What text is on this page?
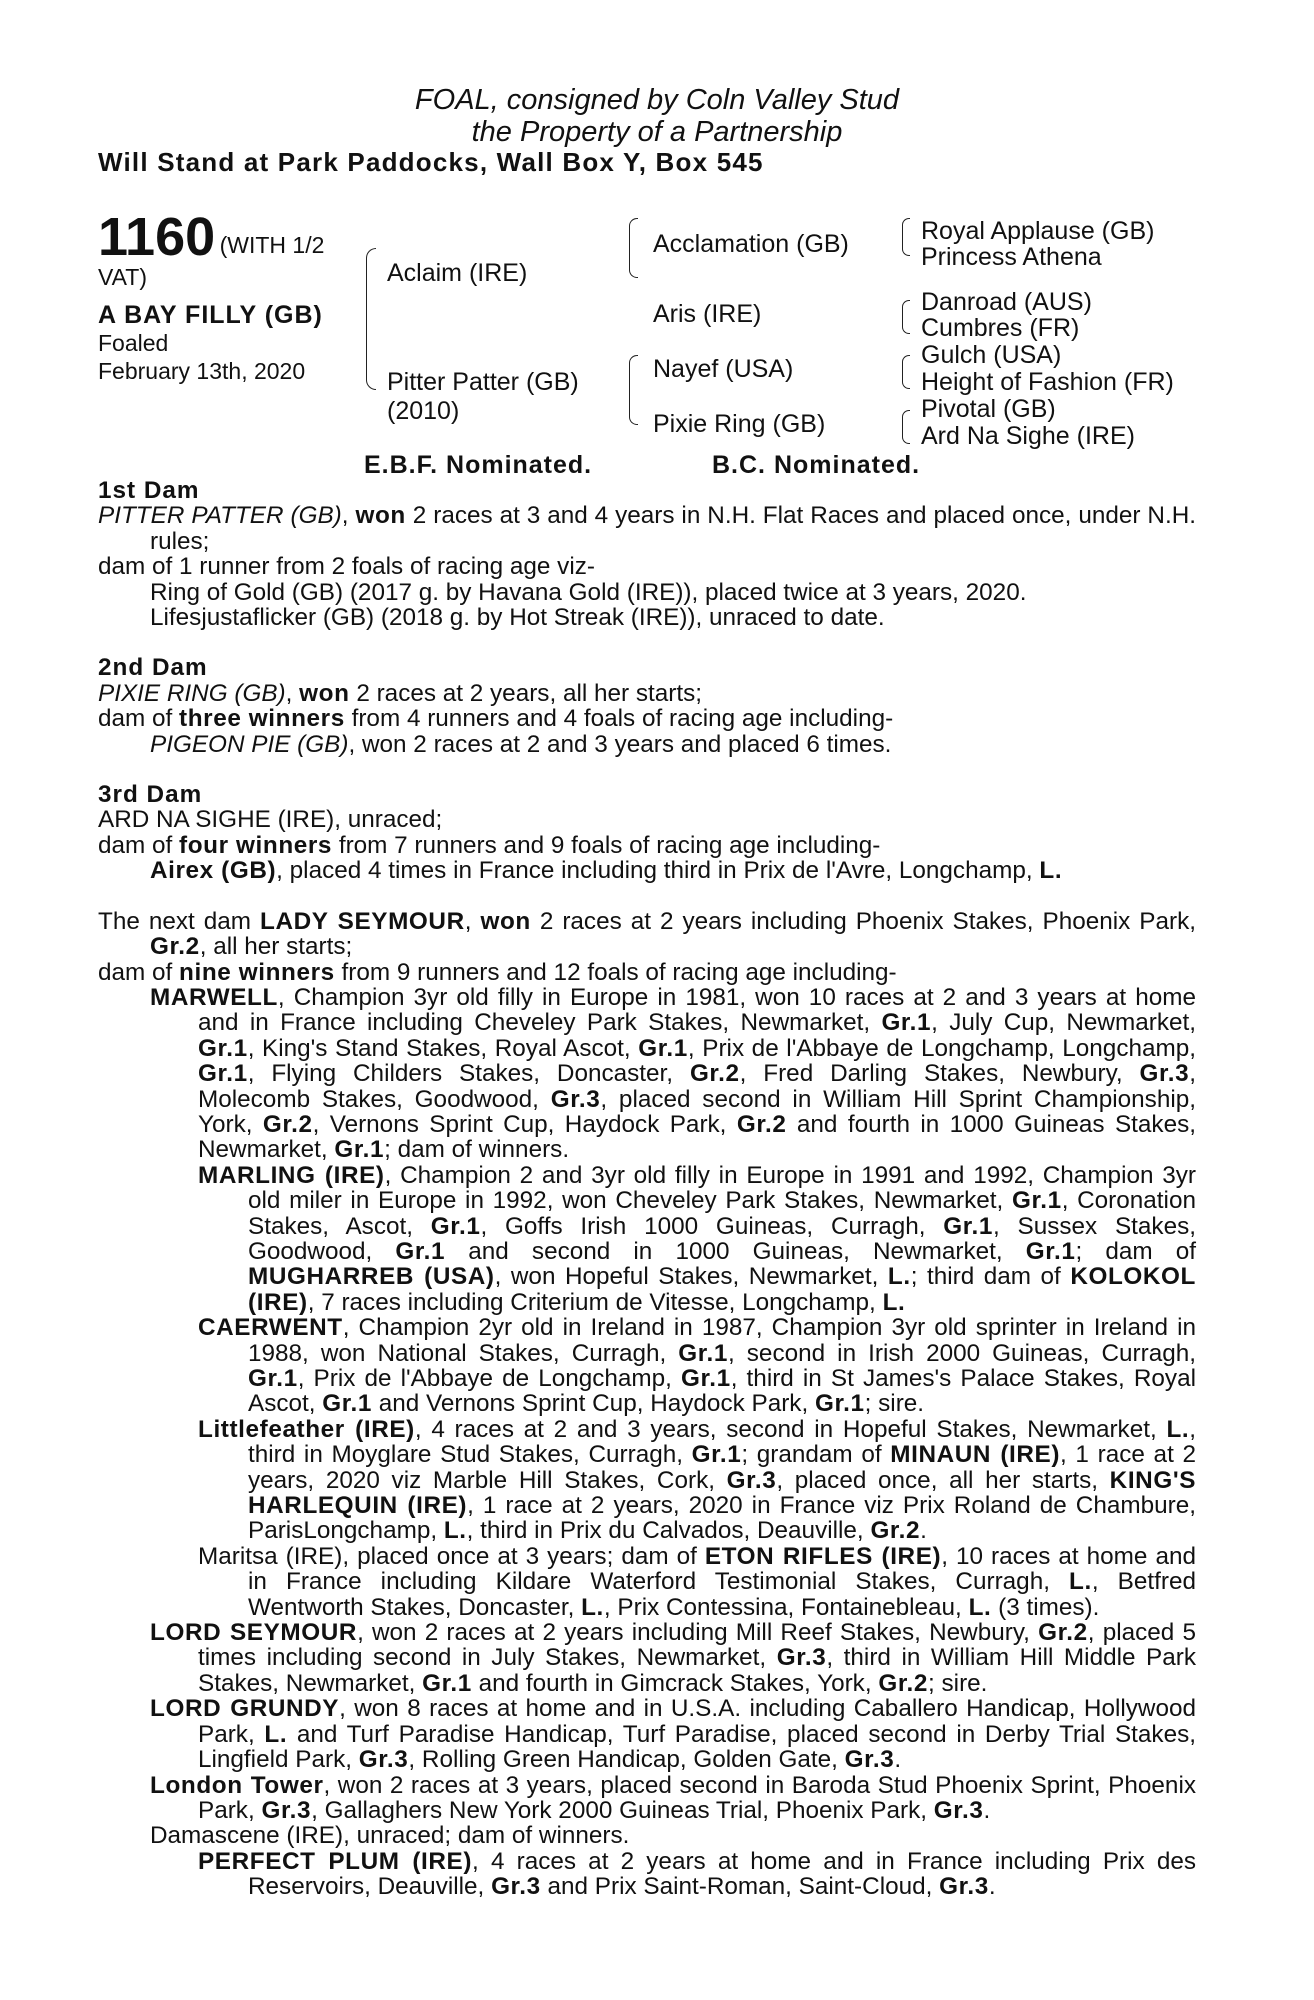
FOAL, consigned by Coln Valley Stud
the Property of a Partnership
Will Stand at Park Paddocks, Wall Box Y, Box 545
1160 (WITH 1/2
VAT)
A BAY FILLY (GB)
Foaled
February 13th, 2020
Aclaim (IRE)
Pitter Patter (GB)
(2010)
Acclamation (GB)
Aris (IRE)
Nayef (USA)
Pixie Ring (GB)
Royal Applause (GB)
Princess Athena
Danroad (AUS)
Cumbres (FR)
Gulch (USA)
Height of Fashion (FR)
Pivotal (GB)
Ard Na Sighe (IRE)
E.B.F. Nominated.	B.C. Nominated.

1st Dam

PITTER PATTER (GB), won 2 races at 3 and 4 years in N.H. Flat Races and placed once, under N.H. rules;

dam of 1 runner from 2 foals of racing age viz-

Ring of Gold (GB) (2017 g. by Havana Gold (IRE)), placed twice at 3 years, 2020.

Lifesjustaflicker (GB) (2018 g. by Hot Streak (IRE)), unraced to date.

2nd Dam

PIXIE RING (GB), won 2 races at 2 years, all her starts;

dam of three winners from 4 runners and 4 foals of racing age including-

PIGEON PIE (GB), won 2 races at 2 and 3 years and placed 6 times.

3rd Dam

ARD NA SIGHE (IRE), unraced;

dam of four winners from 7 runners and 9 foals of racing age including-

Airex (GB), placed 4 times in France including third in Prix de l'Avre, Longchamp, L.

The next dam LADY SEYMOUR, won 2 races at 2 years including Phoenix Stakes, Phoenix Park, Gr.2, all her starts;

dam of nine winners from 9 runners and 12 foals of racing age including-

MARWELL, Champion 3yr old filly in Europe in 1981, won 10 races at 2 and 3 years at home and in France including Cheveley Park Stakes, Newmarket, Gr.1, July Cup, Newmarket, Gr.1, King's Stand Stakes, Royal Ascot, Gr.1, Prix de l'Abbaye de Longchamp, Longchamp, Gr.1, Flying Childers Stakes, Doncaster, Gr.2, Fred Darling Stakes, Newbury, Gr.3, Molecomb Stakes, Goodwood, Gr.3, placed second in William Hill Sprint Championship, York, Gr.2, Vernons Sprint Cup, Haydock Park, Gr.2 and fourth in 1000 Guineas Stakes, Newmarket, Gr.1; dam of winners.

MARLING (IRE), Champion 2 and 3yr old filly in Europe in 1991 and 1992, Champion 3yr old miler in Europe in 1992, won Cheveley Park Stakes, Newmarket, Gr.1, Coronation Stakes, Ascot, Gr.1, Goffs Irish 1000 Guineas, Curragh, Gr.1, Sussex Stakes, Goodwood, Gr.1 and second in 1000 Guineas, Newmarket, Gr.1; dam of MUGHARREB (USA), won Hopeful Stakes, Newmarket, L.; third dam of KOLOKOL (IRE), 7 races including Criterium de Vitesse, Longchamp, L.

CAERWENT, Champion 2yr old in Ireland in 1987, Champion 3yr old sprinter in Ireland in 1988, won National Stakes, Curragh, Gr.1, second in Irish 2000 Guineas, Curragh, Gr.1, Prix de l'Abbaye de Longchamp, Gr.1, third in St James's Palace Stakes, Royal Ascot, Gr.1 and Vernons Sprint Cup, Haydock Park, Gr.1; sire.

Littlefeather (IRE), 4 races at 2 and 3 years, second in Hopeful Stakes, Newmarket, L., third in Moyglare Stud Stakes, Curragh, Gr.1; grandam of MINAUN (IRE), 1 race at 2 years, 2020 viz Marble Hill Stakes, Cork, Gr.3, placed once, all her starts, KING'S HARLEQUIN (IRE), 1 race at 2 years, 2020 in France viz Prix Roland de Chambure, ParisLongchamp, L., third in Prix du Calvados, Deauville, Gr.2.

Maritsa (IRE), placed once at 3 years; dam of ETON RIFLES (IRE), 10 races at home and in France including Kildare Waterford Testimonial Stakes, Curragh, L., Betfred Wentworth Stakes, Doncaster, L., Prix Contessina, Fontainebleau, L. (3 times).

LORD SEYMOUR, won 2 races at 2 years including Mill Reef Stakes, Newbury, Gr.2, placed 5 times including second in July Stakes, Newmarket, Gr.3, third in William Hill Middle Park Stakes, Newmarket, Gr.1 and fourth in Gimcrack Stakes, York, Gr.2; sire.

LORD GRUNDY, won 8 races at home and in U.S.A. including Caballero Handicap, Hollywood Park, L. and Turf Paradise Handicap, Turf Paradise, placed second in Derby Trial Stakes, Lingfield Park, Gr.3, Rolling Green Handicap, Golden Gate, Gr.3.

London Tower, won 2 races at 3 years, placed second in Baroda Stud Phoenix Sprint, Phoenix Park, Gr.3, Gallaghers New York 2000 Guineas Trial, Phoenix Park, Gr.3.

Damascene (IRE), unraced; dam of winners.

PERFECT PLUM (IRE), 4 races at 2 years at home and in France including Prix des Reservoirs, Deauville, Gr.3 and Prix Saint-Roman, Saint-Cloud, Gr.3.
